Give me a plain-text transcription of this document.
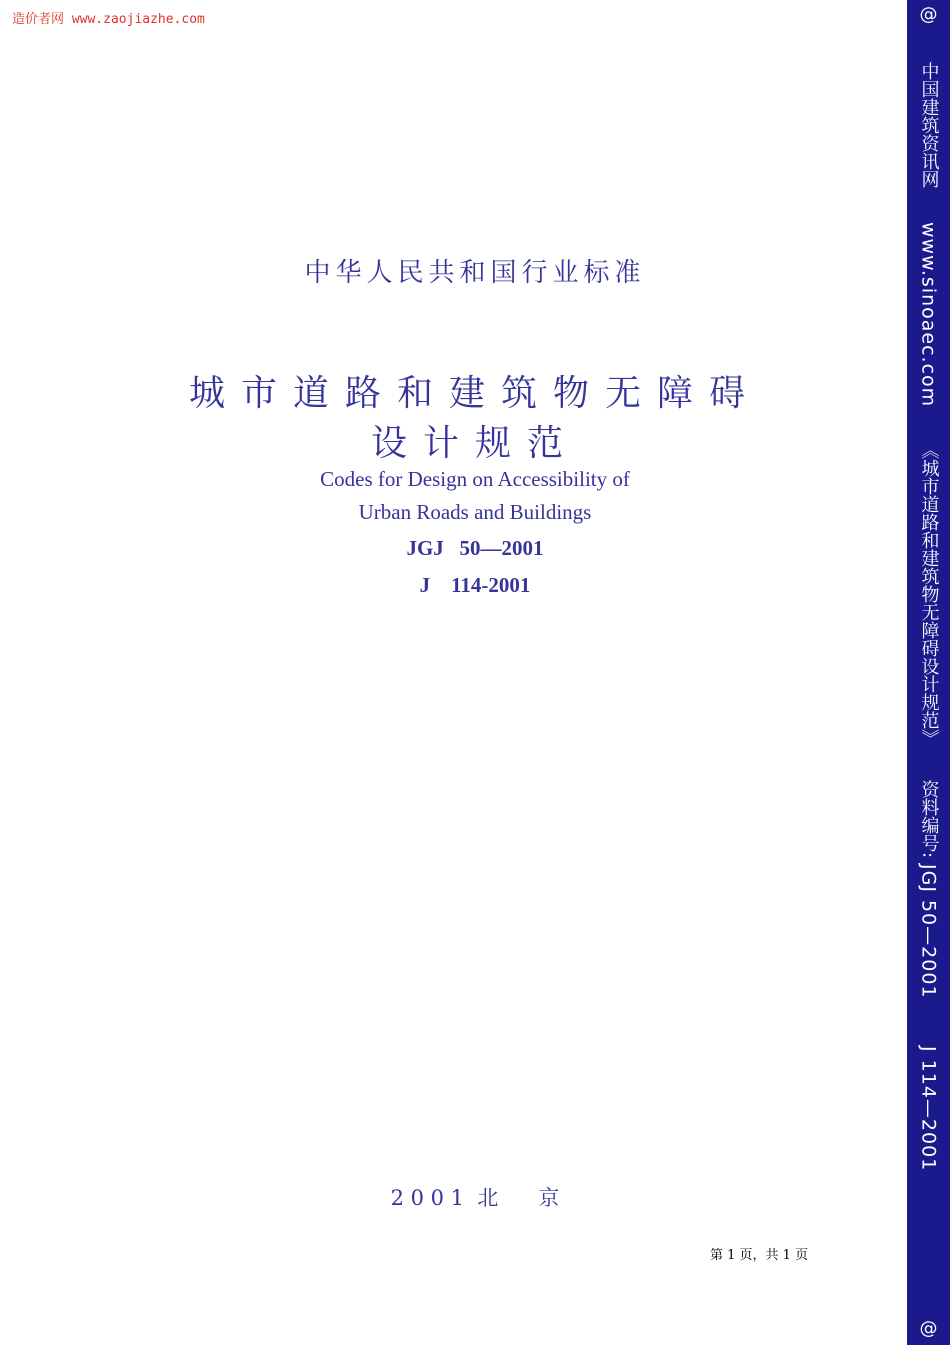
造价者网 www.zaojiazhe.com
中华人民共和国行业标准
城市道路和建筑物无障碍
设计规范
Codes for Design on Accessibility of
Urban Roads and Buildings
JGJ   50—2001
J    114-2001
2 0 0 1  北      京
第 1 页，共 1 页
@
中国建筑资讯网 www.sinoaec.com 《城市道路和建筑物无障碍设计规范》 资料编号: JGJ 50—2001 J 114—2001
@
